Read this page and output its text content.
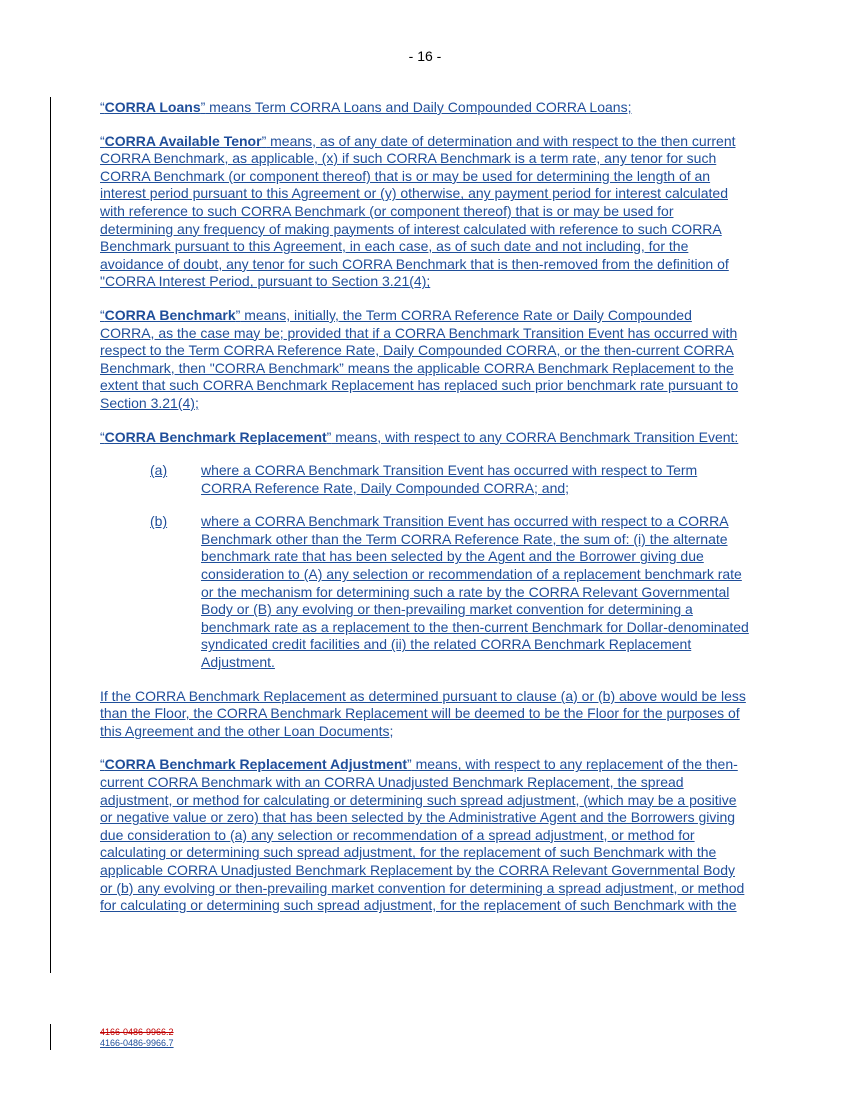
- 16 -

“CORRA Loans” means Term CORRA Loans and Daily Compounded CORRA Loans;

“CORRA Available Tenor” means, as of any date of determination and with respect to the then current CORRA Benchmark, as applicable, (x) if such CORRA Benchmark is a term rate, any tenor for such CORRA Benchmark (or component thereof) that is or may be used for determining the length of an interest period pursuant to this Agreement or (y) otherwise, any payment period for interest calculated with reference to such CORRA Benchmark (or component thereof) that is or may be used for determining any frequency of making payments of interest calculated with reference to such CORRA Benchmark pursuant to this Agreement, in each case, as of such date and not including, for the avoidance of doubt, any tenor for such CORRA Benchmark that is then-removed from the definition of "CORRA Interest Period, pursuant to Section 3.21(4);

“CORRA Benchmark” means, initially, the Term CORRA Reference Rate or Daily Compounded CORRA, as the case may be; provided that if a CORRA Benchmark Transition Event has occurred with respect to the Term CORRA Reference Rate, Daily Compounded CORRA, or the then-current CORRA Benchmark, then "CORRA Benchmark” means the applicable CORRA Benchmark Replacement to the extent that such CORRA Benchmark Replacement has replaced such prior benchmark rate pursuant to Section 3.21(4);

“CORRA Benchmark Replacement” means, with respect to any CORRA Benchmark Transition Event:

(a)	where a CORRA Benchmark Transition Event has occurred with respect to Term CORRA Reference Rate, Daily Compounded CORRA; and;
(b)	where a CORRA Benchmark Transition Event has occurred with respect to a CORRA Benchmark other than the Term CORRA Reference Rate, the sum of: (i) the alternate benchmark rate that has been selected by the Agent and the Borrower giving due consideration to (A) any selection or recommendation of a replacement benchmark rate or the mechanism for determining such a rate by the CORRA Relevant Governmental Body or (B) any evolving or then-prevailing market convention for determining a benchmark rate as a replacement to the then-current Benchmark for Dollar-denominated syndicated credit facilities and (ii) the related CORRA Benchmark Replacement Adjustment.

If the CORRA Benchmark Replacement as determined pursuant to clause (a) or (b) above would be less than the Floor, the CORRA Benchmark Replacement will be deemed to be the Floor for the purposes of this Agreement and the other Loan Documents;

“CORRA Benchmark Replacement Adjustment” means, with respect to any replacement of the then-current CORRA Benchmark with an CORRA Unadjusted Benchmark Replacement, the spread adjustment, or method for calculating or determining such spread adjustment, (which may be a positive or negative value or zero) that has been selected by the Administrative Agent and the Borrowers giving due consideration to (a) any selection or recommendation of a spread adjustment, or method for calculating or determining such spread adjustment, for the replacement of such Benchmark with the applicable CORRA Unadjusted Benchmark Replacement by the CORRA Relevant Governmental Body or (b) any evolving or then-prevailing market convention for determining a spread adjustment, or method for calculating or determining such spread adjustment, for the replacement of such Benchmark with the

4166-0486-9966.2
4166-0486-9966.7
